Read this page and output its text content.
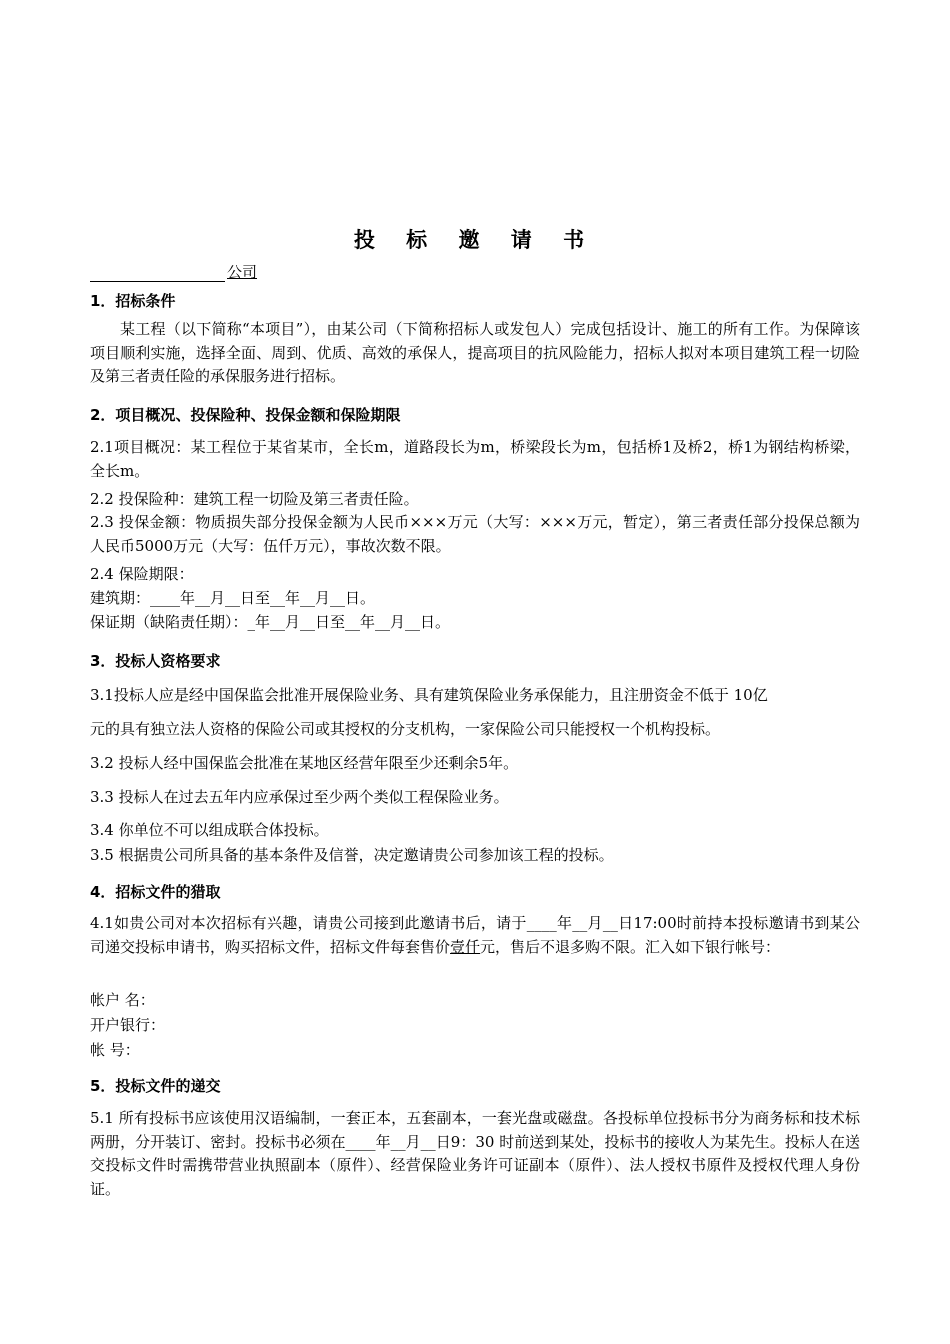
投 标 邀 请 书
公司
1．招标条件
某工程（以下简称“本项目”），由某公司（下简称招标人或发包人）完成包括设计、施工的所有工作。为保障该项目顺利实施，选择全面、周到、优质、高效的承保人，提高项目的抗风险能力，招标人拟对本项目建筑工程一切险及第三者责任险的承保服务进行招标。
2．项目概况、投保险种、投保金额和保险期限
2.1项目概况：某工程位于某省某市，全长m，道路段长为m，桥梁段长为m，包括桥1及桥2，桥1为钢结构桥梁，全长m。
2.2 投保险种：建筑工程一切险及第三者责任险。
2.3 投保金额：物质损失部分投保金额为人民币×××万元（大写：×××万元，暂定），第三者责任部分投保总额为人民币5000万元（大写：伍仟万元），事故次数不限。
2.4 保险期限：
建筑期：____年__月__日至__年__月__日。
保证期（缺陷责任期）：_年__月__日至__年__月__日。
3．投标人资格要求
3.1投标人应是经中国保监会批准开展保险业务、具有建筑保险业务承保能力，且注册资金不低于 10亿
元的具有独立法人资格的保险公司或其授权的分支机构，一家保险公司只能授权一个机构投标。
3.2 投标人经中国保监会批准在某地区经营年限至少还剩余5年。
3.3 投标人在过去五年内应承保过至少两个类似工程保险业务。
3.4 你单位不可以组成联合体投标。
3.5 根据贵公司所具备的基本条件及信誉，决定邀请贵公司参加该工程的投标。
4．招标文件的猎取
4.1如贵公司对本次招标有兴趣，请贵公司接到此邀请书后，请于____年__月__日17:00时前持本投标邀请书到某公司递交投标申请书，购买招标文件，招标文件每套售价壹仟元，售后不退多购不限。汇入如下银行帐号：
帐户 名：
开户银行：
帐 号：
5．投标文件的递交
5.1 所有投标书应该使用汉语编制，一套正本，五套副本，一套光盘或磁盘。各投标单位投标书分为商务标和技术标两册，分开装订、密封。投标书必须在____年__月__日9：30 时前送到某处，投标书的接收人为某先生。投标人在送交投标文件时需携带营业执照副本（原件）、经营保险业务许可证副本（原件）、法人授权书原件及授权代理人身份证。
